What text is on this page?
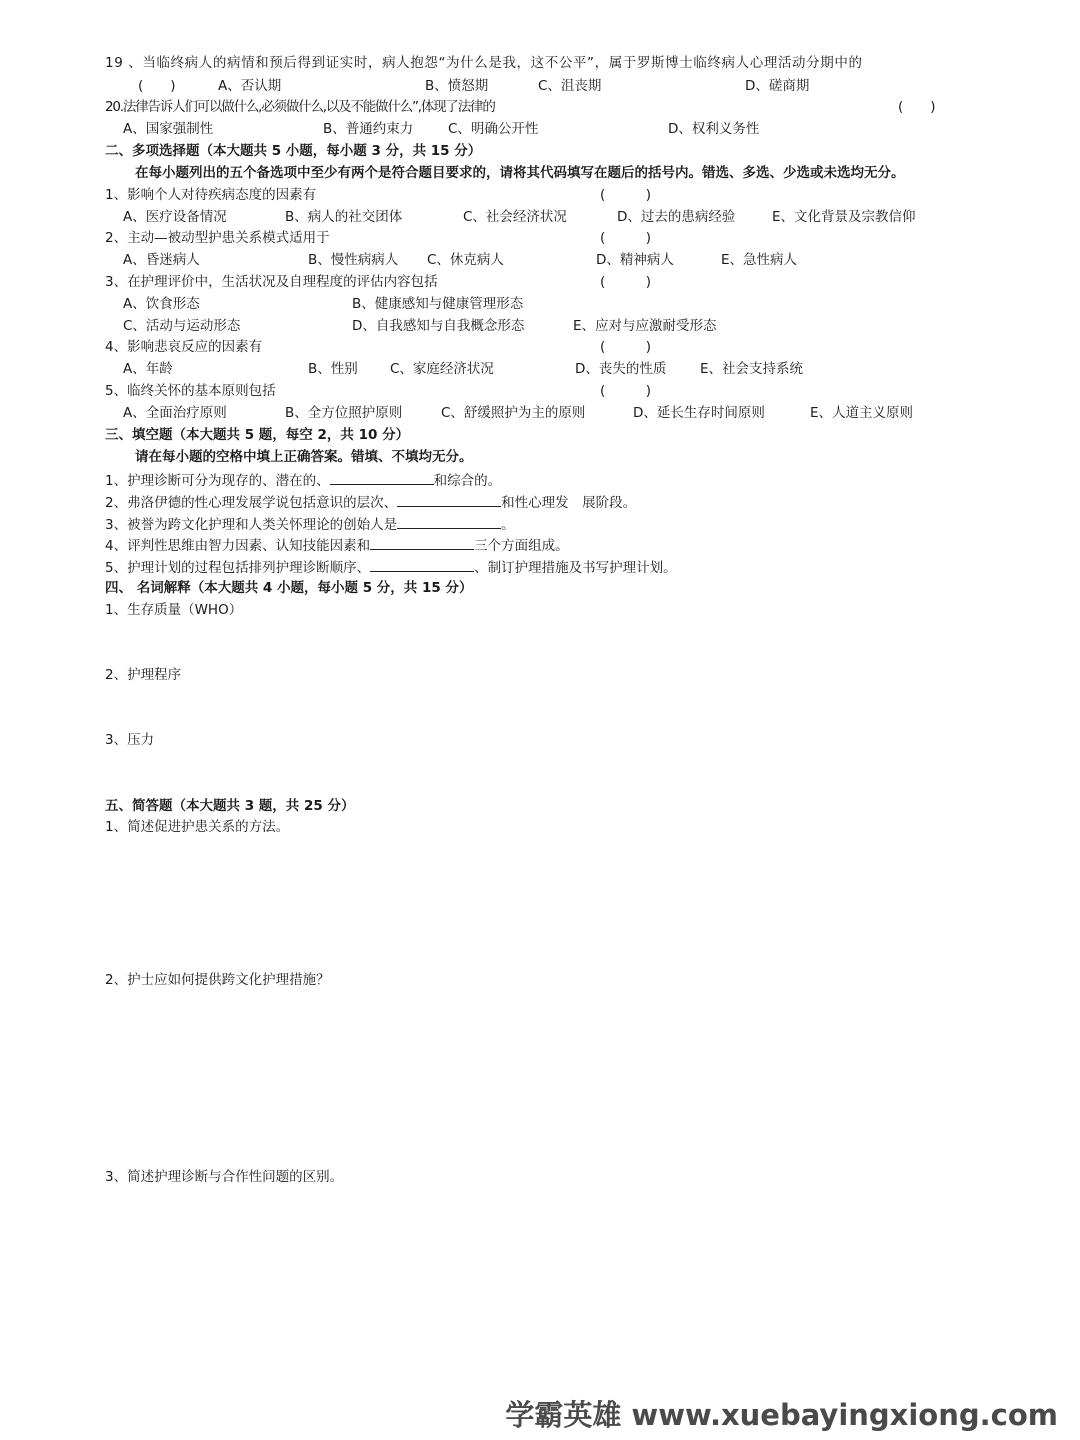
19 、当临终病人的病情和预后得到证实时，病人抱怨“为什么是我，这不公平”，属于罗斯博士临终病人心理活动分期中的
(　　)	A、否认期	B、愤怒期	C、沮丧期	D、磋商期
20.法律告诉人们可以做什么,必须做什么,以及不能做什么”,体现了法律的	(　　)
A、国家强制性	B、普通约束力	C、明确公开性	D、权利义务性
二、多项选择题（本大题共 5 小题，每小题 3 分，共 15 分）
在每小题列出的五个备选项中至少有两个是符合题目要求的，请将其代码填写在题后的括号内。错选、多选、少选或未选均无分。
1、影响个人对待疾病态度的因素有	(　　　)
A、医疗设备情况	B、病人的社交团体	C、社会经济状况	D、过去的患病经验	E、文化背景及宗教信仰
2、主动—被动型护患关系模式适用于	(　　　)
A、昏迷病人	B、慢性病病人 C、休克病人	D、精神病人	E、急性病人
3、在护理评价中，生活状况及自理程度的评估内容包括	(　　　)
A、饮食形态	B、健康感知与健康管理形态
C、活动与运动形态	D、自我感知与自我概念形态	E、应对与应激耐受形态
4、影响悲哀反应的因素有	(　　　)
A、年龄	B、性别 C、家庭经济状况	D、丧失的性质 E、社会支持系统
5、临终关怀的基本原则包括	(　　　)
A、全面治疗原则	B、全方位照护原则	C、舒缓照护为主的原则	D、延长生存时间原则	E、人道主义原则
三、填空题（本大题共 5 题，每空 2，共 10 分）
请在每小题的空格中填上正确答案。错填、不填均无分。
1、护理诊断可分为现存的、潜在的、	和综合的。
2、弗洛伊德的性心理发展学说包括意识的层次、	和性心理发　展阶段。
3、被誉为跨文化护理和人类关怀理论的创始人是	。
4、评判性思维由智力因素、认知技能因素和	三个方面组成。
5、护理计划的过程包括排列护理诊断顺序、	、制订护理措施及书写护理计划。
四、 名词解释（本大题共 4 小题，每小题 5 分，共 15 分）
1、生存质量（WHO）
2、护理程序
3、压力
五、简答题（本大题共 3 题，共 25 分）
1、简述促进护患关系的方法。
2、护士应如何提供跨文化护理措施？
3、简述护理诊断与合作性问题的区别。
学霸英雄 www.xuebayingxiong.com
